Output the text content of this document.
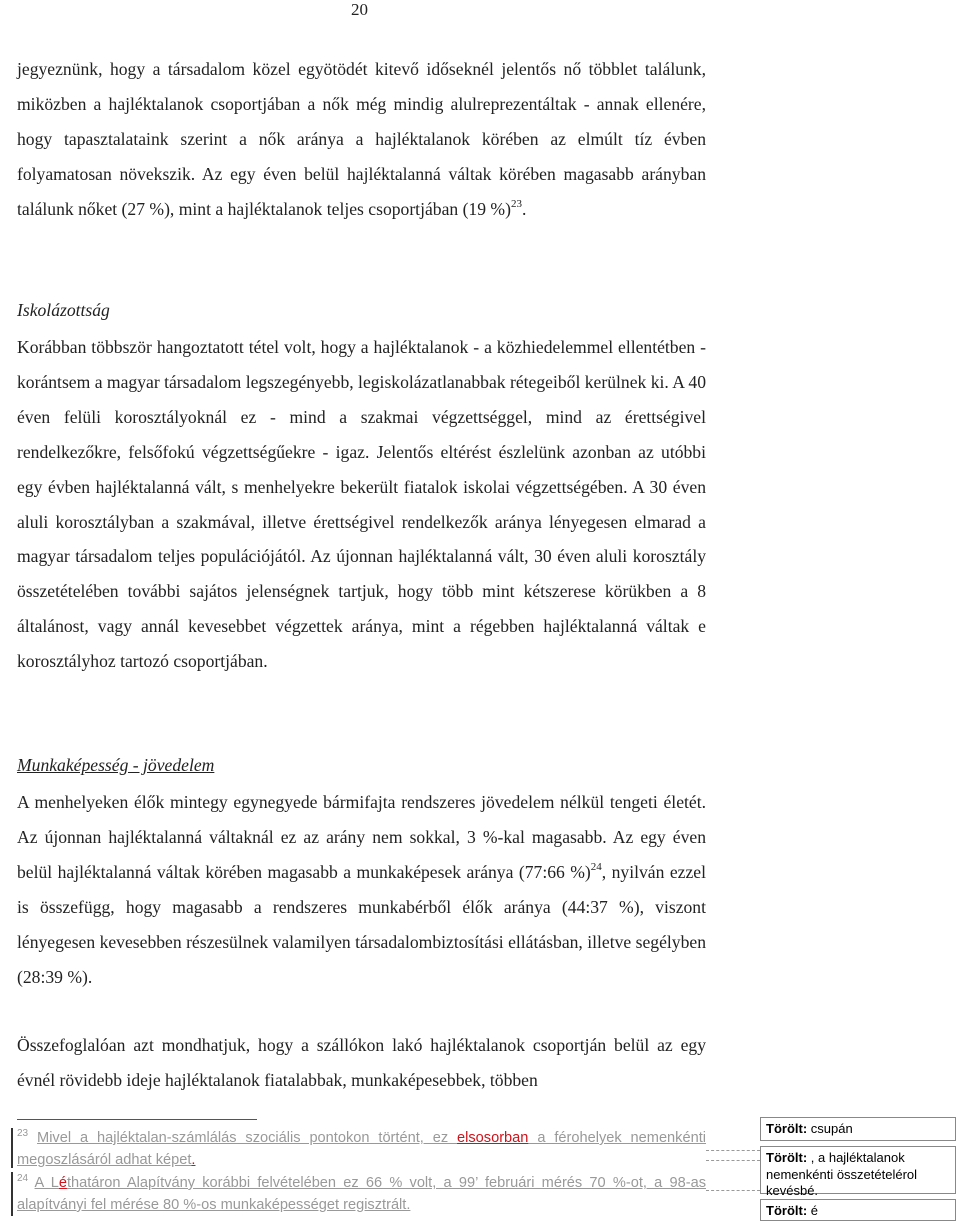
20

jegyeznünk, hogy a társadalom közel egyötödét kitevő időseknél jelentős nő többlet találunk, miközben a hajléktalanok csoportjában a nők még mindig alulreprezentáltak - annak ellenére, hogy tapasztalataink szerint a nők aránya a hajléktalanok körében az elmúlt tíz évben folyamatosan növekszik. Az egy éven belül hajléktalanná váltak körében magasabb arányban találunk nőket (27 %), mint a hajléktalanok teljes csoportjában (19 %)$^{23}$.

Iskolázottság

Korábban többször hangoztatott tétel volt, hogy a hajléktalanok - a közhiedelemmel ellentétben - korántsem a magyar társadalom legszegényebb, legiskolázatlanabbak rétegeiből kerülnek ki. A 40 éven felüli korosztályoknál ez - mind a szakmai végzettséggel, mind az érettségivel rendelkezőkre, felsőfokú végzettségűekre - igaz. Jelentős eltérést észlelünk azonban az utóbbi egy évben hajléktalanná vált, s menhelyekre bekerült fiatalok iskolai végzettségében. A 30 éven aluli korosztályban a szakmával, illetve érettségivel rendelkezők aránya lényegesen elmarad a magyar társadalom teljes populációjától. Az újonnan hajléktalanná vált, 30 éven aluli korosztály összetételében további sajátos jelenségnek tartjuk, hogy több mint kétszerese körükben a 8 általánost, vagy annál kevesebbet végzettek aránya, mint a régebben hajléktalanná váltak e korosztályhoz tartozó csoportjában.

Munkaképesség - jövedelem

A menhelyeken élők mintegy egynegyede bármifajta rendszeres jövedelem nélkül tengeti életét. Az újonnan hajléktalanná váltaknál ez az arány nem sokkal, 3 %-kal magasabb. Az egy éven belül hajléktalanná váltak körében magasabb a munkaképesek aránya (77:66 %)$^{24}$, nyilván ezzel is összefügg, hogy magasabb a rendszeres munkabérből élők aránya (44:37 %), viszont lényegesen kevesebben részesülnek valamilyen társadalombiztosítási ellátásban, illetve segélyben (28:39 %).

Összefoglalóan azt mondhatjuk, hogy a szállókon lakó hajléktalanok csoportján belül az egy évnél rövidebb ideje hajléktalanok fiatalabbak, munkaképesebbek, többen

$^{23}$ Mivel a hajléktalan-számlálás szociális pontokon történt, ez elsosorban a férohelyek nemenkénti megoszlásáról adhat képet.

$^{24}$ A Léthatáron Alapítvány korábbi felvételében ez 66 % volt, a 99’ februári mérés 70 %-ot, a 98-as alapítványi fel mérése 80 %-os munkaképességet regisztrált.

Törölt: csupán
Törölt: , a hajléktalanok nemenkénti összetételérol kevésbé.
Törölt: é
